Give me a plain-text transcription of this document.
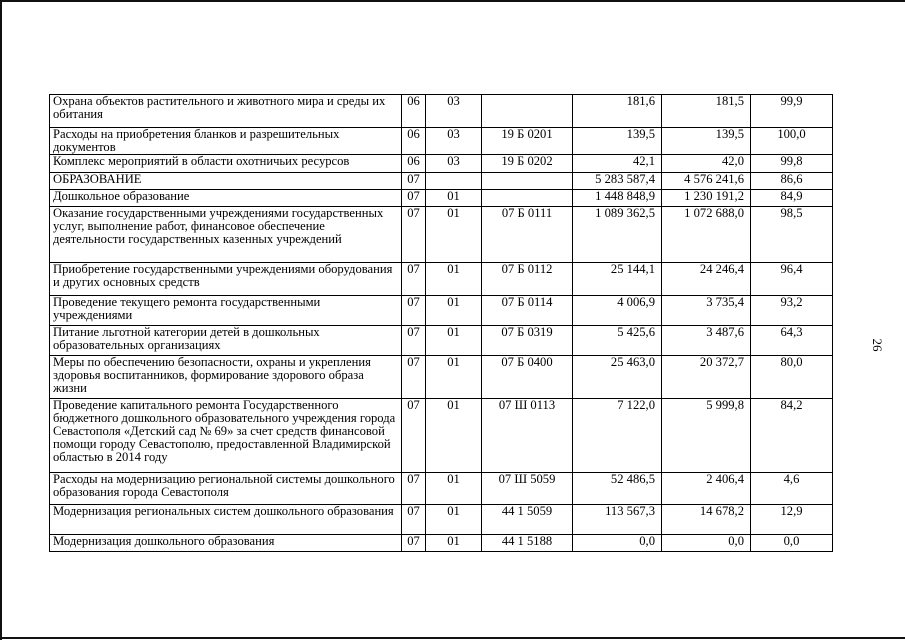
26
Охрана объектов растительного и животного мира и среды их обитания	06	03		181,6	181,5	99,9
Расходы на приобретения бланков и разрешительных документов	06	03	19 Б 0201	139,5	139,5	100,0
Комплекс мероприятий в области охотничьих ресурсов	06	03	19 Б 0202	42,1	42,0	99,8
ОБРАЗОВАНИЕ	07			5 283 587,4	4 576 241,6	86,6
Дошкольное образование	07	01		1 448 848,9	1 230 191,2	84,9
Оказание государственными учреждениями государственных услуг, выполнение работ, финансовое обеспечение деятельности государственных казенных учреждений	07	01	07 Б 0111	1 089 362,5	1 072 688,0	98,5
Приобретение государственными учреждениями оборудования и других основных средств	07	01	07 Б 0112	25 144,1	24 246,4	96,4
Проведение текущего ремонта государственными учреждениями	07	01	07 Б 0114	4 006,9	3 735,4	93,2
Питание льготной категории детей в дошкольных образовательных организациях	07	01	07 Б 0319	5 425,6	3 487,6	64,3
Меры по обеспечению безопасности, охраны и укрепления здоровья воспитанников, формирование здорового образа жизни	07	01	07 Б 0400	25 463,0	20 372,7	80,0
Проведение капитального ремонта Государственного бюджетного дошкольного образовательного учреждения города Севастополя «Детский сад № 69» за счет средств финансовой помощи городу Севастополю, предоставленной Владимирской областью в 2014 году	07	01	07 Ш 0113	7 122,0	5 999,8	84,2
Расходы на модернизацию региональной системы дошкольного образования города Севастополя	07	01	07 Ш 5059	52 486,5	2 406,4	4,6
Модернизация региональных систем дошкольного образования	07	01	44 1 5059	113 567,3	14 678,2	12,9
Модернизация дошкольного образования	07	01	44 1 5188	0,0	0,0	0,0
